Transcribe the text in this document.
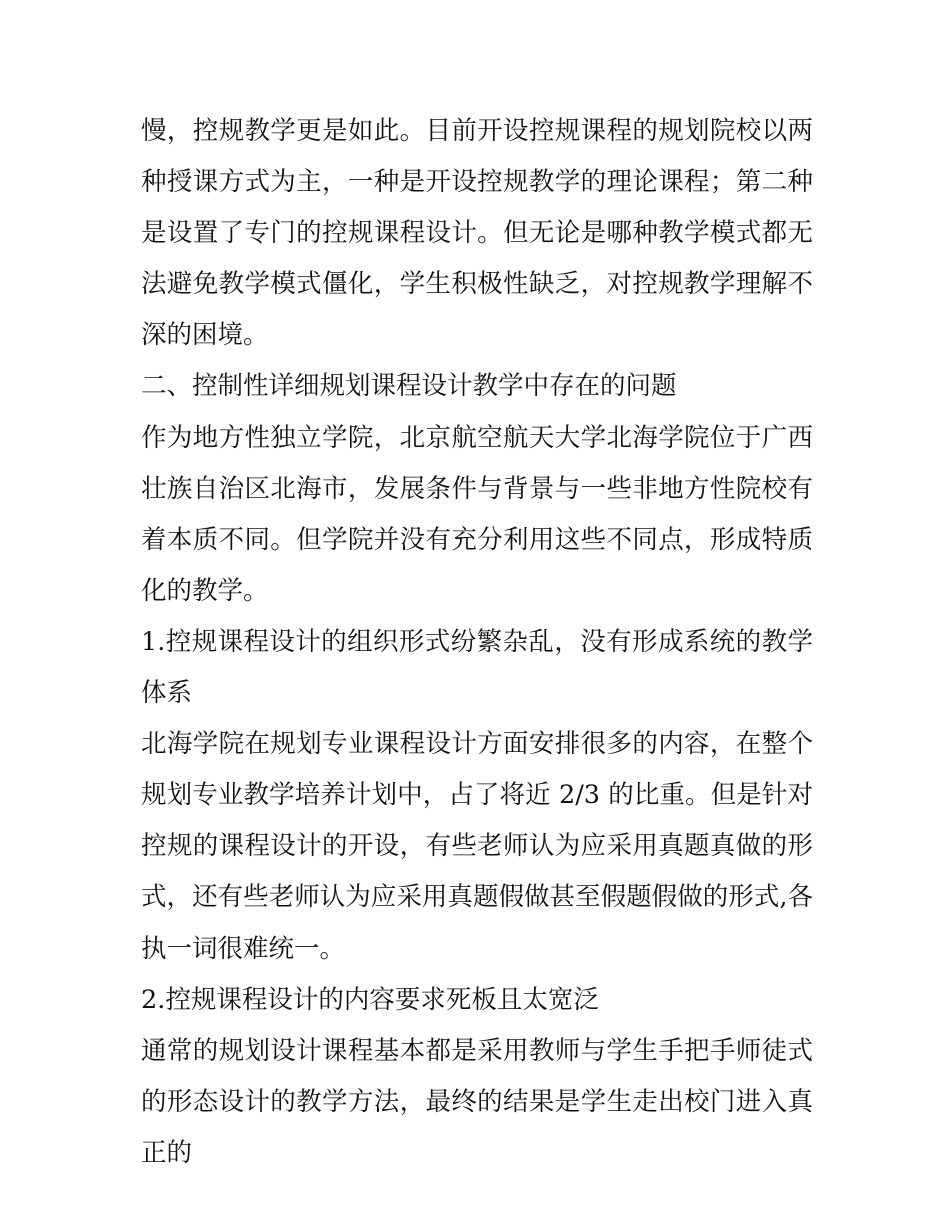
慢，控规教学更是如此。目前开设控规课程的规划院校以两种授课方式为主，一种是开设控规教学的理论课程；第二种是设置了专门的控规课程设计。但无论是哪种教学模式都无法避免教学模式僵化，学生积极性缺乏，对控规教学理解不深的困境。

二、控制性详细规划课程设计教学中存在的问题

作为地方性独立学院，北京航空航天大学北海学院位于广西壮族自治区北海市，发展条件与背景与一些非地方性院校有着本质不同。但学院并没有充分利用这些不同点，形成特质化的教学。

1.控规课程设计的组织形式纷繁杂乱，没有形成系统的教学体系

北海学院在规划专业课程设计方面安排很多的内容，在整个规划专业教学培养计划中，占了将近 2/3 的比重。但是针对控规的课程设计的开设，有些老师认为应采用真题真做的形式，还有些老师认为应采用真题假做甚至假题假做的形式,各执一词很难统一。

2.控规课程设计的内容要求死板且太宽泛

通常的规划设计课程基本都是采用教师与学生手把手师徒式的形态设计的教学方法，最终的结果是学生走出校门进入真正的
